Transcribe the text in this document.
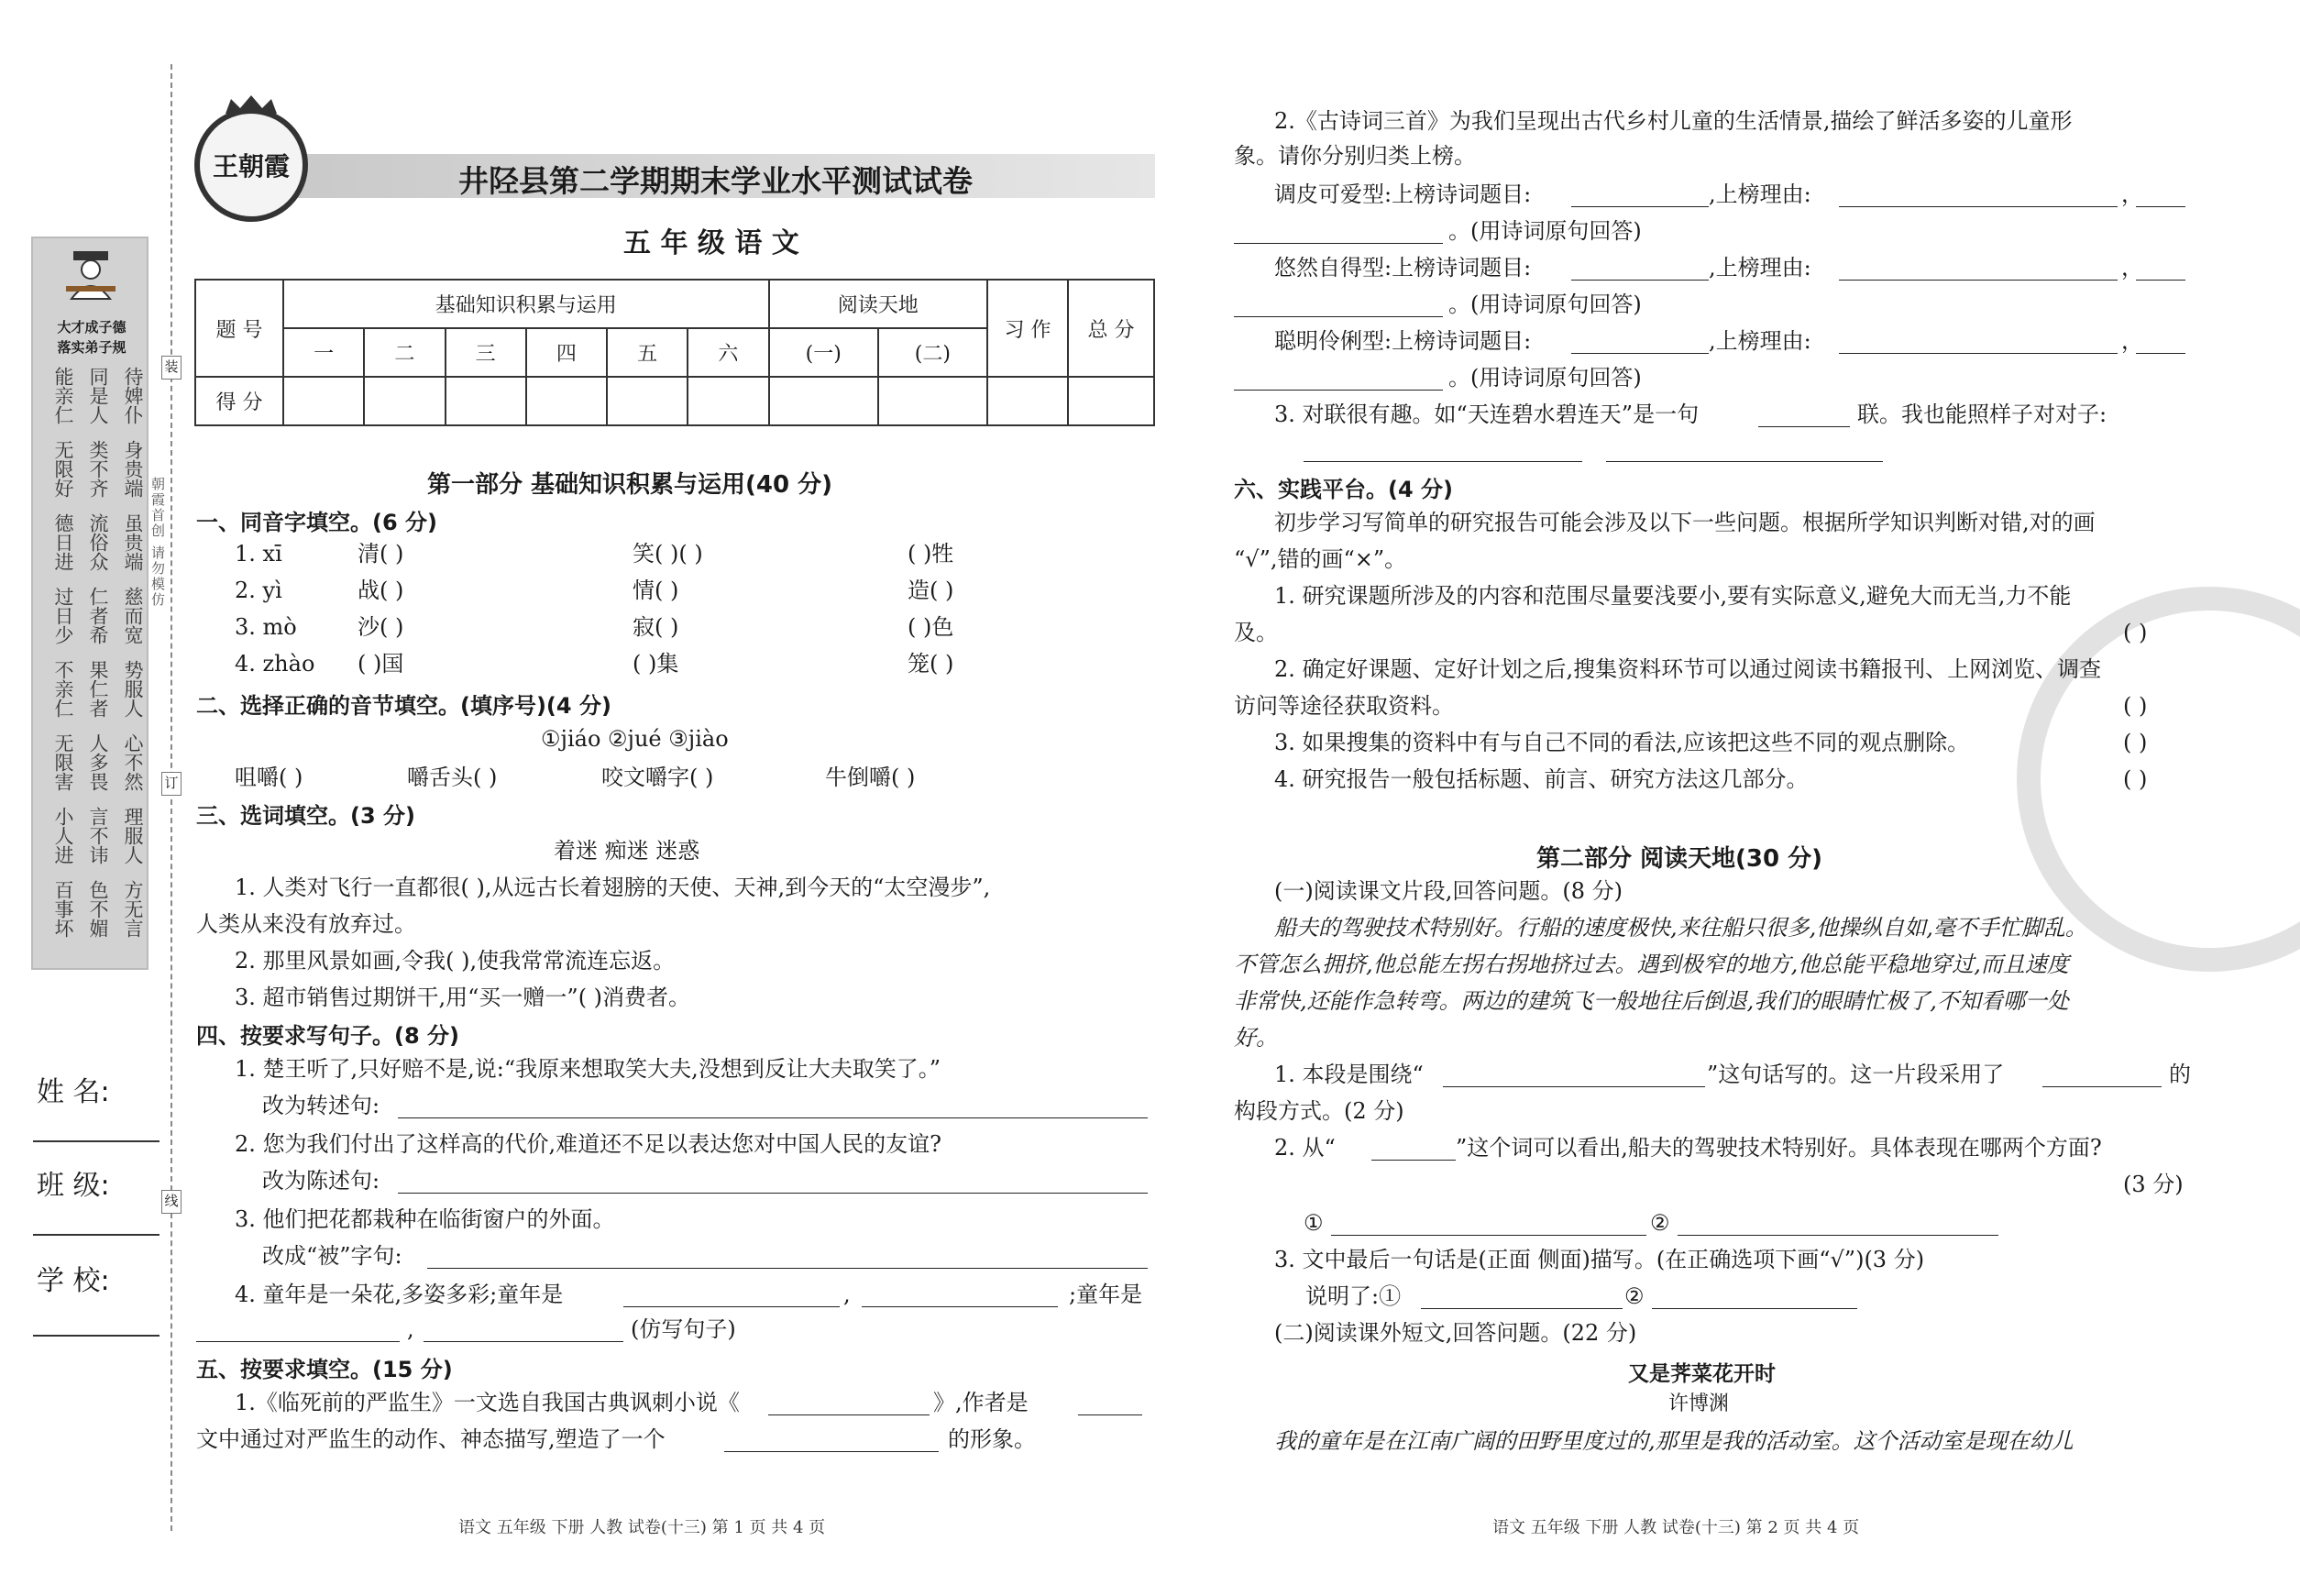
大才成子德
落实弟子规
能亲仁
无限好
德日进
过日少
不亲仁
无限害
小人进
百事坏
同是人
类不齐
流俗众
仁者希
果仁者
人多畏
言不讳
色不媚
待婢仆
身贵端
虽贵端
慈而宽
势服人
心不然
理服人
方无言
装
订
线
朝霞首创 请勿模仿
姓 名:
班 级:
学 校:
王朝霞	井陉县第二学期期末学业水平测试试卷
五 年 级 语 文
题 号	基础知识积累与运用						阅读天地		习 作	总 分
	一	二	三	四	五	六	(一)	(二)		
得 分										
第一部分 基础知识积累与运用(40 分)
一、同音字填空。(6 分)
1. xī	清( )	笑( )( )	( )牲
2. yì	战( )	情( )	造( )
3. mò	沙( )	寂( )	( )色
4. zhào ( )国	( )集	笼( )
二、选择正确的音节填空。(填序号)(4 分)
①jiáo ②jué ③jiào
咀嚼( )	嚼舌头( )	咬文嚼字( )	牛倒嚼( )
三、选词填空。(3 分)
着迷 痴迷 迷惑
1. 人类对飞行一直都很( ),从远古长着翅膀的天使、天神,到今天的“太空漫步”,
人类从来没有放弃过。
2. 那里风景如画,令我( ),使我常常流连忘返。
3. 超市销售过期饼干,用“买一赠一”( )消费者。
四、按要求写句子。(8 分)
1. 楚王听了,只好赔不是,说:“我原来想取笑大夫,没想到反让大夫取笑了。”
改为转述句:
2. 您为我们付出了这样高的代价,难道还不足以表达您对中国人民的友谊?
改为陈述句:
3. 他们把花都栽种在临街窗户的外面。
改成“被”字句:
4. 童年是一朵花,多姿多彩;童年是	,	;童年是
,	(仿写句子)
五、按要求填空。(15 分)
1.《临死前的严监生》一文选自我国古典讽刺小说《	》,作者是
文中通过对严监生的动作、神态描写,塑造了一个	的形象。
语文 五年级 下册 人教 试卷(十三) 第 1 页 共 4 页
2.《古诗词三首》为我们呈现出古代乡村儿童的生活情景,描绘了鲜活多姿的儿童形
象。请你分别归类上榜。
调皮可爱型:上榜诗词题目:	,上榜理由:	，
。(用诗词原句回答)
悠然自得型:上榜诗词题目:	,上榜理由:	，
。(用诗词原句回答)
聪明伶俐型:上榜诗词题目:	,上榜理由:	，
。(用诗词原句回答)
3. 对联很有趣。如“天连碧水碧连天”是一句	联。我也能照样子对对子:
六、实践平台。(4 分)
初步学习写简单的研究报告可能会涉及以下一些问题。根据所学知识判断对错,对的画
“√”,错的画“×”。
1. 研究课题所涉及的内容和范围尽量要浅要小,要有实际意义,避免大而无当,力不能
及。	( )
2. 确定好课题、定好计划之后,搜集资料环节可以通过阅读书籍报刊、上网浏览、调查
访问等途径获取资料。	( )
3. 如果搜集的资料中有与自己不同的看法,应该把这些不同的观点删除。	( )
4. 研究报告一般包括标题、前言、研究方法这几部分。	( )
第二部分 阅读天地(30 分)
(一)阅读课文片段,回答问题。(8 分)
船夫的驾驶技术特别好。行船的速度极快,来往船只很多,他操纵自如,毫不手忙脚乱。
不管怎么拥挤,他总能左拐右拐地挤过去。遇到极窄的地方,他总能平稳地穿过,而且速度
非常快,还能作急转弯。两边的建筑飞一般地往后倒退,我们的眼睛忙极了,不知看哪一处
好。
1. 本段是围绕“	”这句话写的。这一片段采用了	的
构段方式。(2 分)
2. 从“	”这个词可以看出,船夫的驾驶技术特别好。具体表现在哪两个方面?
(3 分)
①	②
3. 文中最后一句话是(正面 侧面)描写。(在正确选项下画“√”)(3 分)
说明了:①	②
(二)阅读课外短文,回答问题。(22 分)
又是荠菜花开时
许博渊
我的童年是在江南广阔的田野里度过的,那里是我的活动室。这个活动室是现在幼儿
语文 五年级 下册 人教 试卷(十三) 第 2 页 共 4 页
